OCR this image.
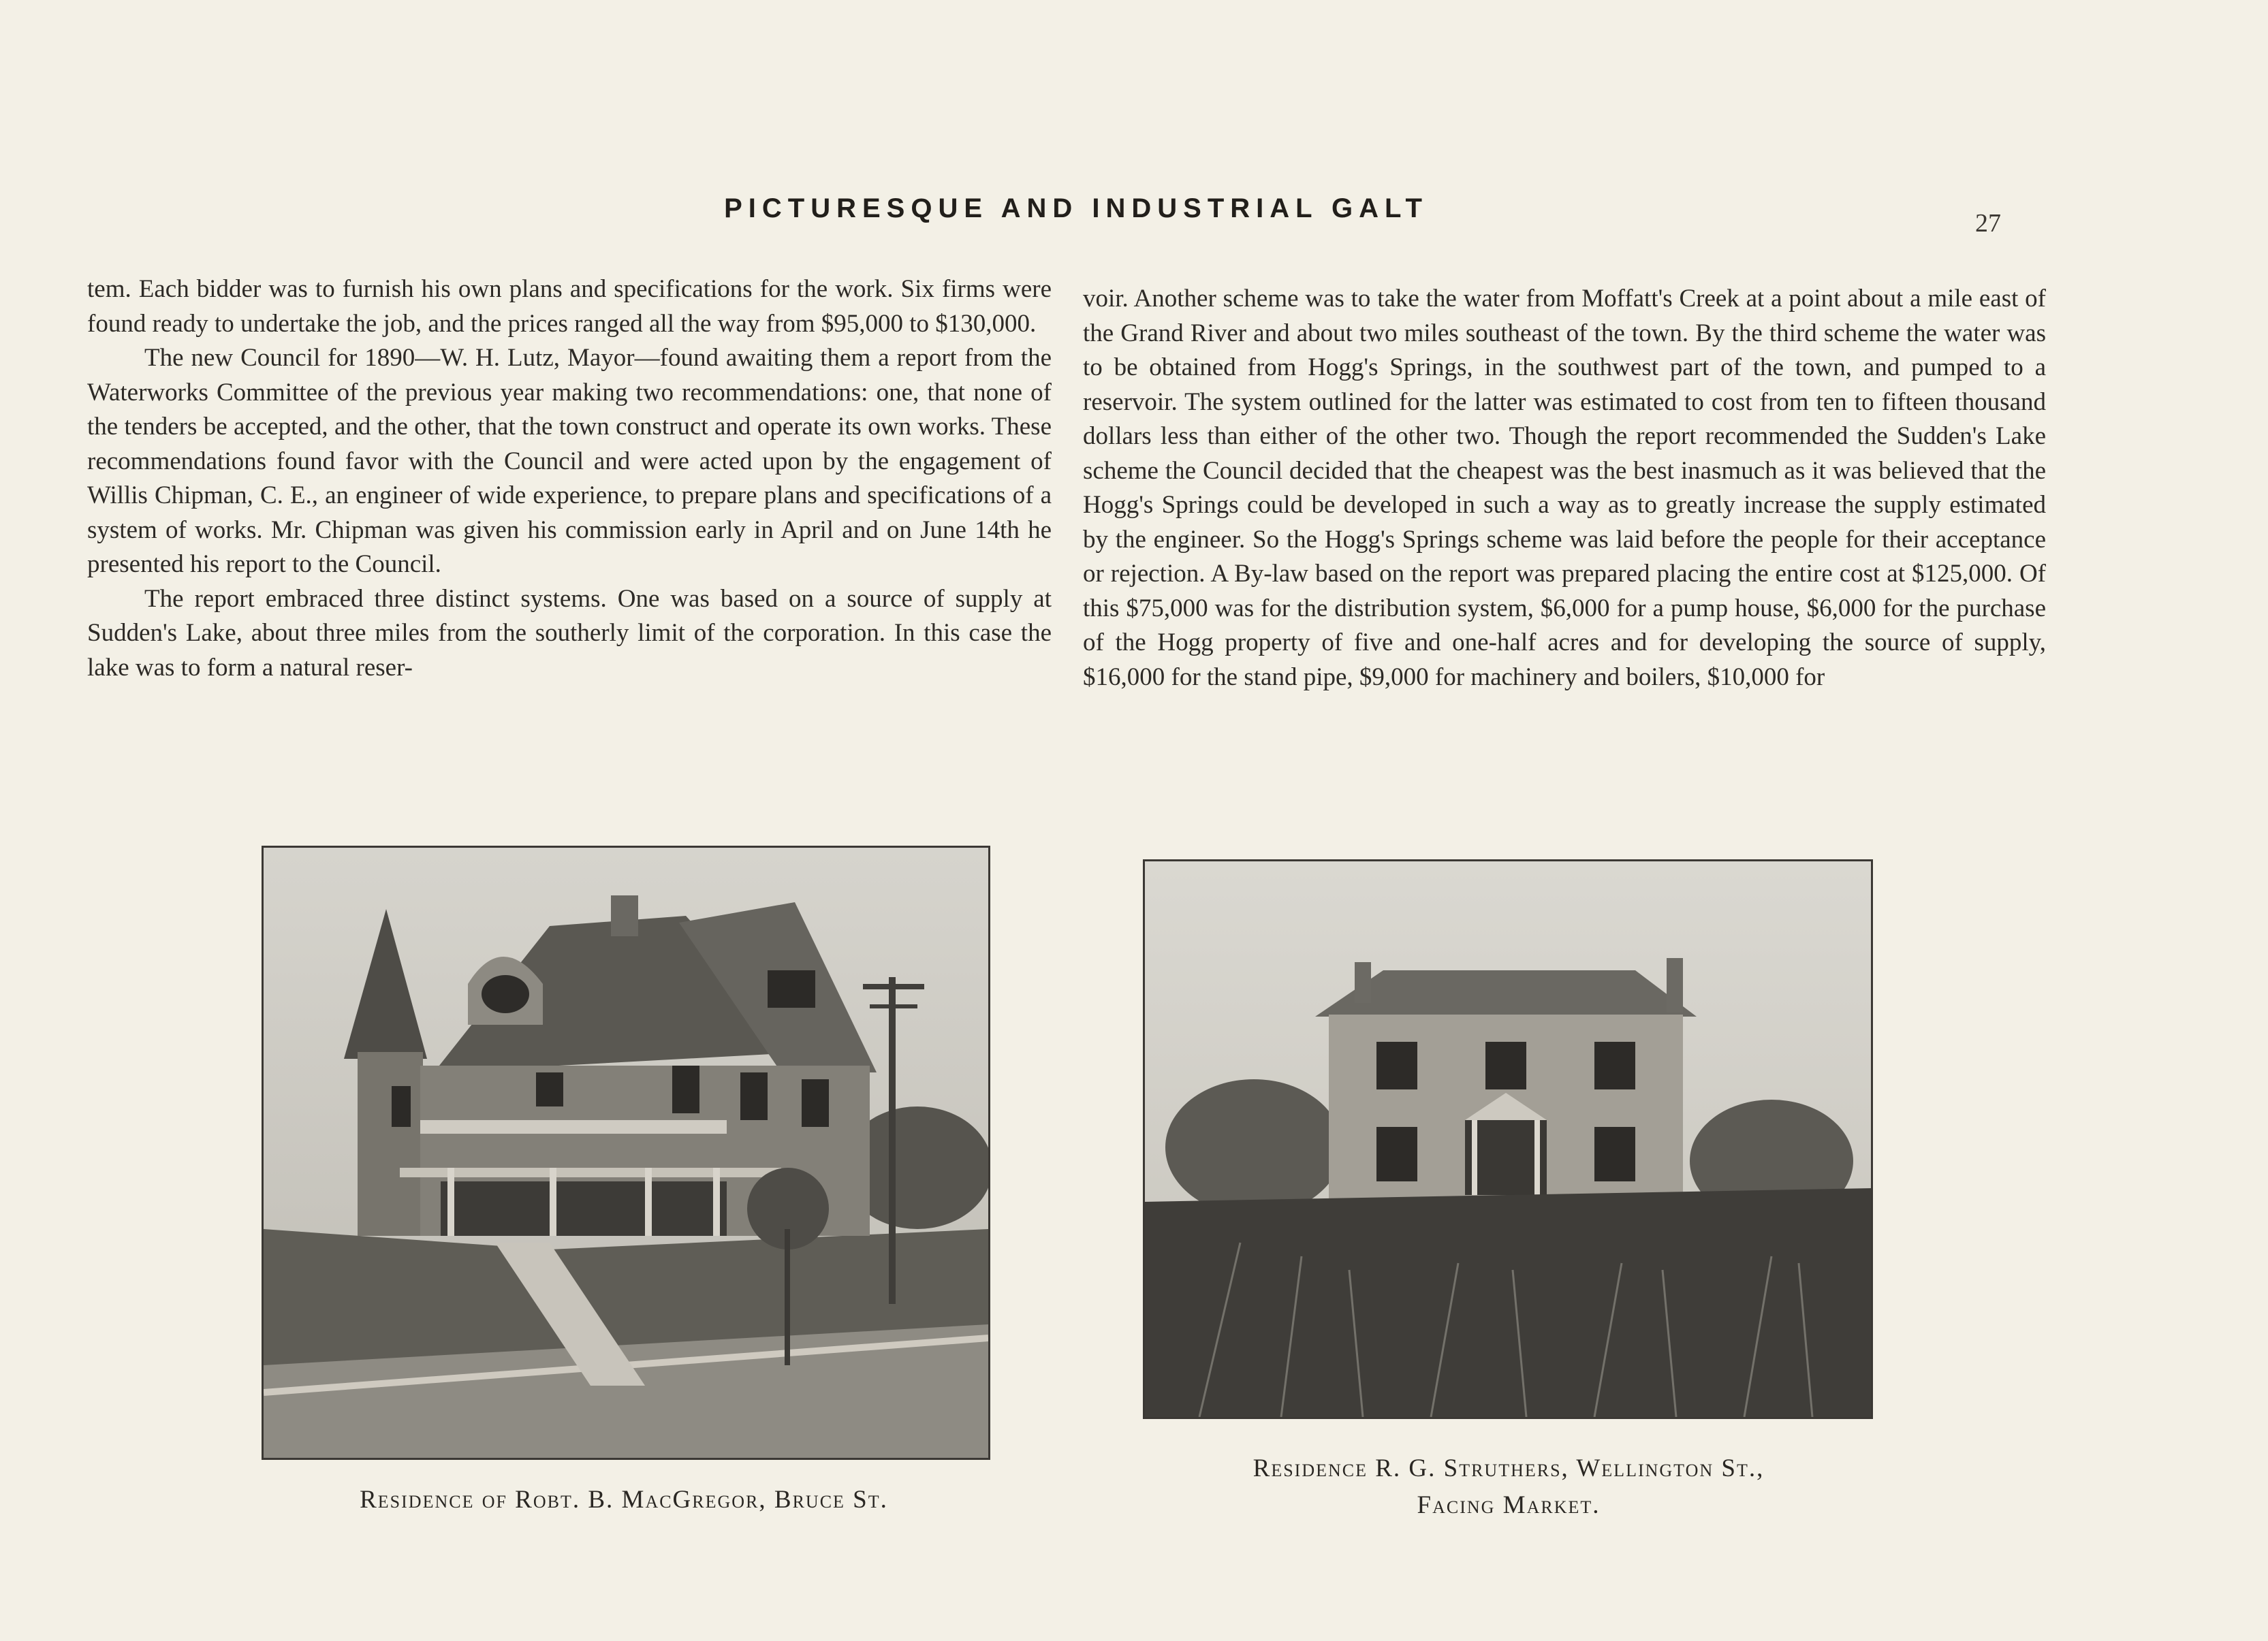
PICTURESQUE AND INDUSTRIAL GALT	27

tem. Each bidder was to furnish his own plans and specifications for the work. Six firms were found ready to undertake the job, and the prices ranged all the way from $95,000 to $130,000.

The new Council for 1890—W. H. Lutz, Mayor—found awaiting them a report from the Waterworks Committee of the previous year making two recommendations: one, that none of the tenders be accepted, and the other, that the town construct and operate its own works. These recommendations found favor with the Council and were acted upon by the engagement of Willis Chipman, C. E., an engineer of wide experience, to prepare plans and specifications of a system of works. Mr. Chipman was given his commission early in April and on June 14th he presented his report to the Council.

The report embraced three distinct systems. One was based on a source of supply at Sudden's Lake, about three miles from the southerly limit of the corporation. In this case the lake was to form a natural reser-

voir. Another scheme was to take the water from Moffatt's Creek at a point about a mile east of the Grand River and about two miles southeast of the town. By the third scheme the water was to be obtained from Hogg's Springs, in the southwest part of the town, and pumped to a reservoir. The system outlined for the latter was estimated to cost from ten to fifteen thousand dollars less than either of the other two. Though the report recommended the Sudden's Lake scheme the Council decided that the cheapest was the best inasmuch as it was believed that the Hogg's Springs could be developed in such a way as to greatly increase the supply estimated by the engineer. So the Hogg's Springs scheme was laid before the people for their acceptance or rejection. A By-law based on the report was prepared placing the entire cost at $125,000. Of this $75,000 was for the distribution system, $6,000 for a pump house, $6,000 for the purchase of the Hogg property of five and one-half acres and for developing the source of supply, $16,000 for the stand pipe, $9,000 for machinery and boilers, $10,000 for

Residence of Robt. B. MacGregor, Bruce St.
Residence R. G. Struthers, Wellington St.,
Facing Market.
